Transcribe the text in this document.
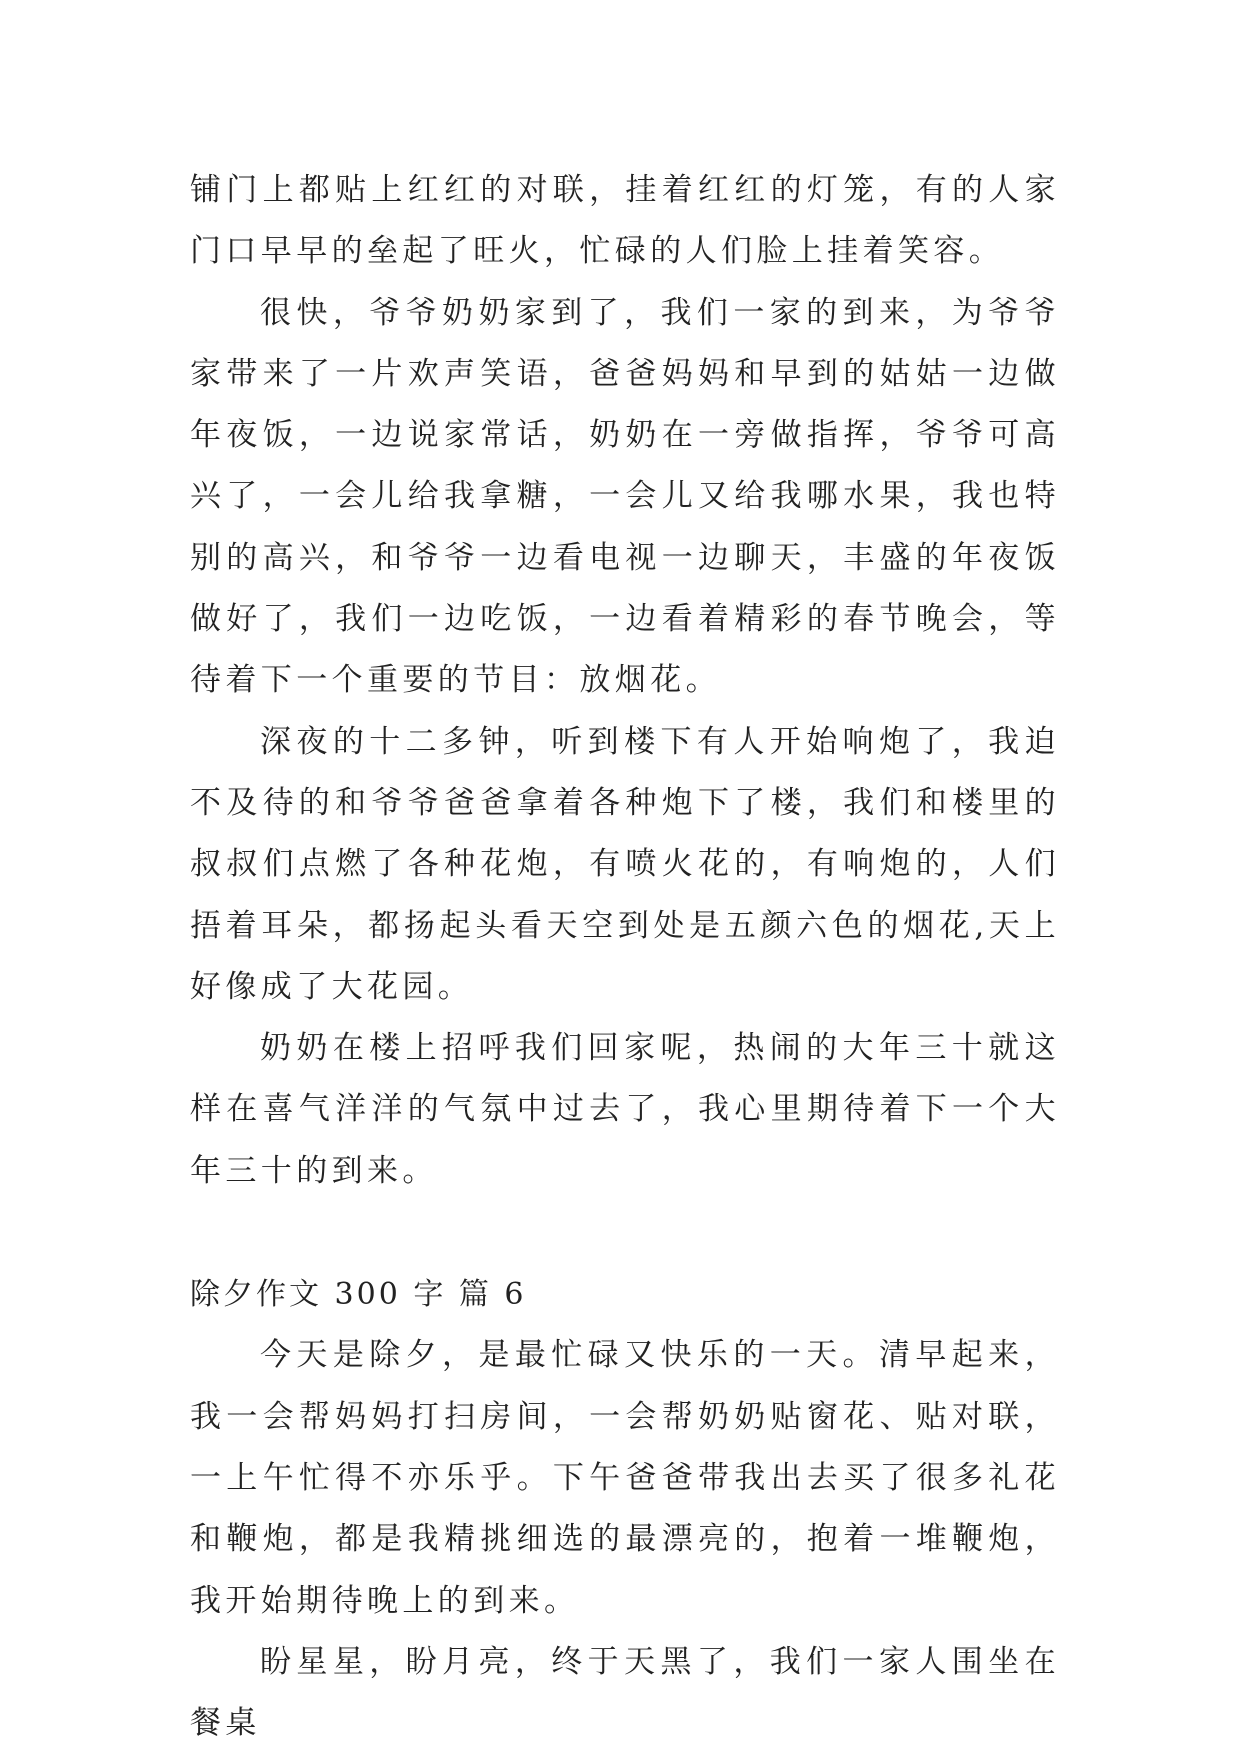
铺门上都贴上红红的对联，挂着红红的灯笼，有的人家门口早早的垒起了旺火，忙碌的人们脸上挂着笑容。

很快，爷爷奶奶家到了，我们一家的到来，为爷爷家带来了一片欢声笑语，爸爸妈妈和早到的姑姑一边做年夜饭，一边说家常话，奶奶在一旁做指挥，爷爷可高兴了，一会儿给我拿糖，一会儿又给我哪水果，我也特别的高兴，和爷爷一边看电视一边聊天，丰盛的年夜饭做好了，我们一边吃饭，一边看着精彩的春节晚会，等待着下一个重要的节目：放烟花。

深夜的十二多钟，听到楼下有人开始响炮了，我迫不及待的和爷爷爸爸拿着各种炮下了楼，我们和楼里的叔叔们点燃了各种花炮，有喷火花的，有响炮的，人们捂着耳朵，都扬起头看天空到处是五颜六色的烟花,天上好像成了大花园。

奶奶在楼上招呼我们回家呢，热闹的大年三十就这样在喜气洋洋的气氛中过去了，我心里期待着下一个大年三十的到来。

除夕作文 300 字 篇 6

今天是除夕，是最忙碌又快乐的一天。清早起来，我一会帮妈妈打扫房间，一会帮奶奶贴窗花、贴对联，一上午忙得不亦乐乎。下午爸爸带我出去买了很多礼花和鞭炮，都是我精挑细选的最漂亮的，抱着一堆鞭炮，我开始期待晚上的到来。

盼星星，盼月亮，终于天黑了，我们一家人围坐在餐桌
